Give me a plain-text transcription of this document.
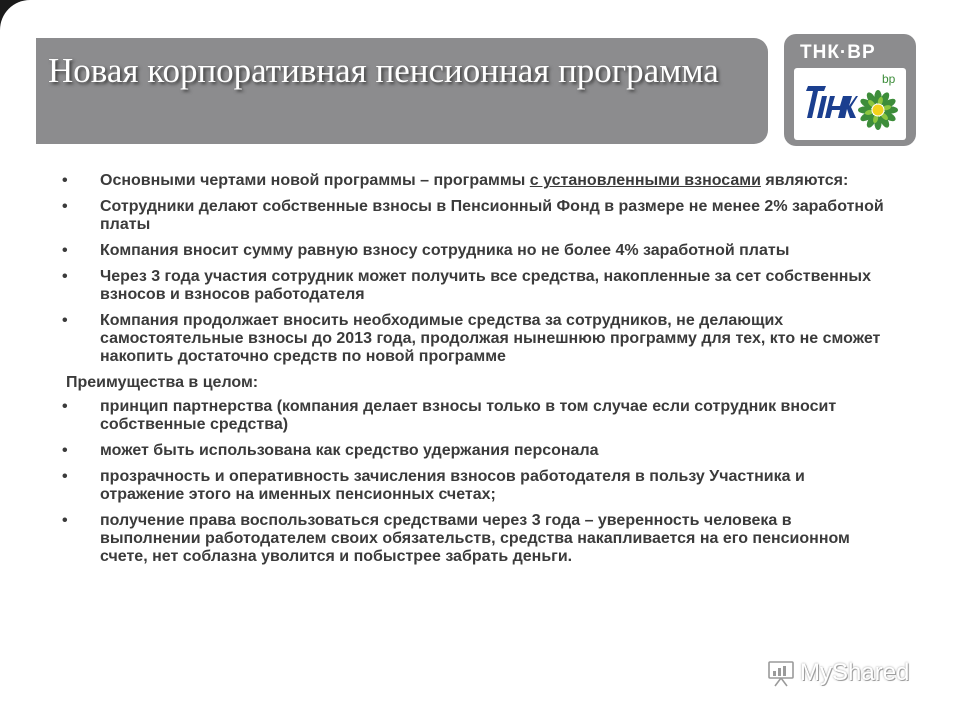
Новая корпоративная пенсионная программа	ТНК·BP
bp
• Основными чертами новой программы – программы с установленными взносами являются:
• Сотрудники делают собственные взносы в Пенсионный Фонд в размере не менее 2% заработной платы
• Компания вносит сумму равную взносу сотрудника но не более 4% заработной платы
• Через 3 года участия сотрудник может получить все средства, накопленные за сет собственных взносов и взносов работодателя
• Компания продолжает вносить необходимые средства за сотрудников, не делающих самостоятельные взносы до 2013 года, продолжая нынешнюю программу для тех, кто не сможет накопить достаточно средств по новой программе
Преимущества в целом:
• принцип партнерства (компания делает взносы только в том случае если сотрудник вносит собственные средства)
• может быть использована как средство удержания персонала
• прозрачность и оперативность зачисления взносов работодателя в пользу Участника и отражение этого на именных пенсионных счетах;
• получение права воспользоваться средствами через 3 года – уверенность человека в выполнении работодателем своих обязательств, средства накапливается на его пенсионном счете, нет соблазна уволится и побыстрее забрать деньги.
MyShared
